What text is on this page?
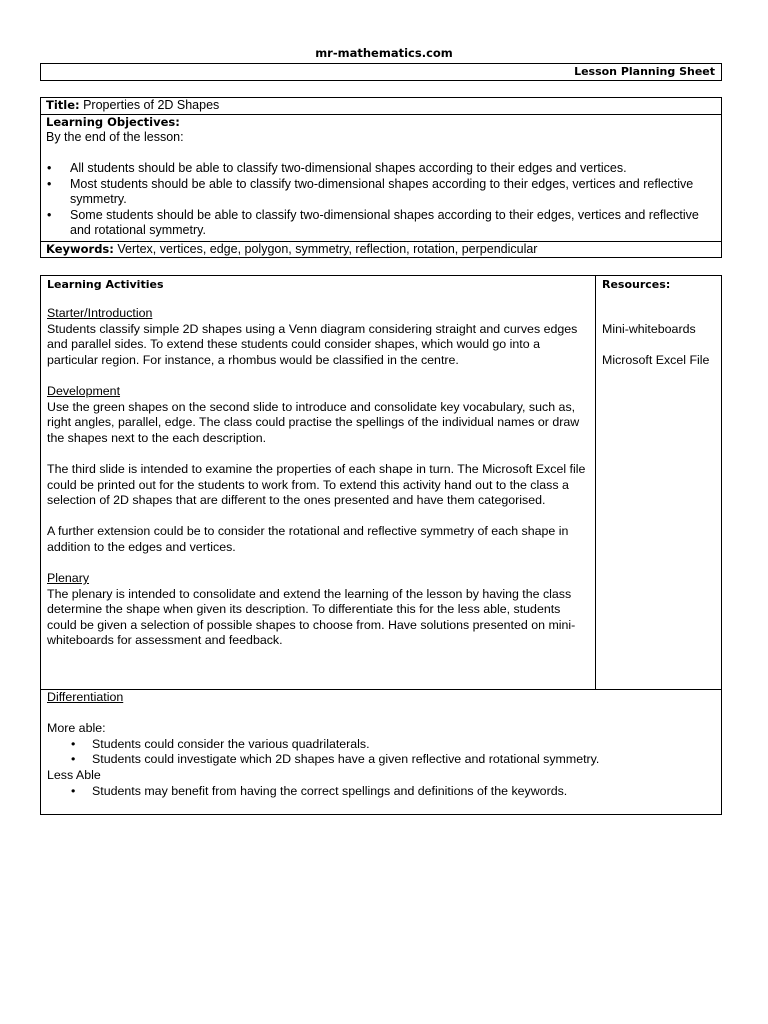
mr-mathematics.com
Lesson Planning Sheet
Title: Properties of 2D Shapes
Learning Objectives:
By the end of the lesson:
• All students should be able to classify two-dimensional shapes according to their edges and vertices.
• Most students should be able to classify two-dimensional shapes according to their edges, vertices and reflective symmetry.
• Some students should be able to classify two-dimensional shapes according to their edges, vertices and reflective and rotational symmetry.
Keywords: Vertex, vertices, edge, polygon, symmetry, reflection, rotation, perpendicular
Learning Activities
Starter/Introduction

Students classify simple 2D shapes using a Venn diagram considering straight and curves edges and parallel sides. To extend these students could consider shapes, which would go into a particular region. For instance, a rhombus would be classified in the centre.

Development

Use the green shapes on the second slide to introduce and consolidate key vocabulary, such as, right angles, parallel, edge. The class could practise the spellings of the individual names or draw the shapes next to the each description.

The third slide is intended to examine the properties of each shape in turn. The Microsoft Excel file could be printed out for the students to work from. To extend this activity hand out to the class a selection of 2D shapes that are different to the ones presented and have them categorised.

A further extension could be to consider the rotational and reflective symmetry of each shape in addition to the edges and vertices.

Plenary

The plenary is intended to consolidate and extend the learning of the lesson by having the class determine the shape when given its description. To differentiate this for the less able, students could be given a selection of possible shapes to choose from. Have solutions presented on mini-whiteboards for assessment and feedback.

Resources:
Mini-whiteboards
Microsoft Excel File
Differentiation
More able:
• Students could consider the various quadrilaterals.
• Students could investigate which 2D shapes have a given reflective and rotational symmetry.
Less Able
• Students may benefit from having the correct spellings and definitions of the keywords.
